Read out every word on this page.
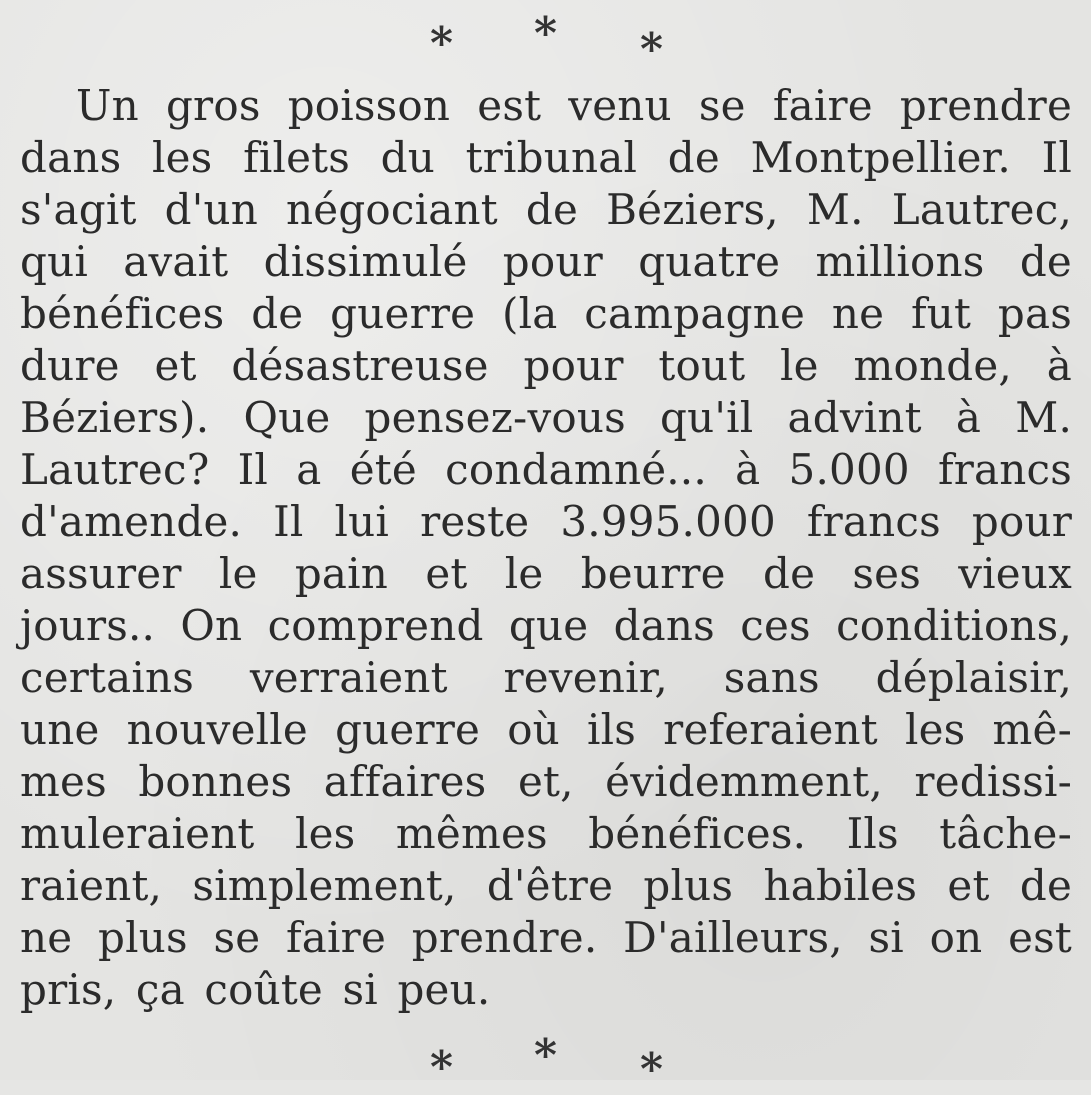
* * *
Un gros poisson est venu se faire prendre
dans les filets du tribunal de Montpellier. Il
s'agit d'un négociant de Béziers, M. Lautrec,
qui avait dissimulé pour quatre millions de
bénéfices de guerre (la campagne ne fut pas
dure et désastreuse pour tout le monde, à
Béziers). Que pensez-vous qu'il advint à M.
Lautrec? Il a été condamné... à 5.000 francs
d'amende. Il lui reste 3.995.000 francs pour
assurer le pain et le beurre de ses vieux
jours.. On comprend que dans ces conditions,
certains verraient revenir, sans déplaisir,
une nouvelle guerre où ils referaient les mê-
mes bonnes affaires et, évidemment, redissi-
muleraient les mêmes bénéfices. Ils tâche-
raient, simplement, d'être plus habiles et de
ne plus se faire prendre. D'ailleurs, si on est
pris, ça coûte si peu.
* * *
